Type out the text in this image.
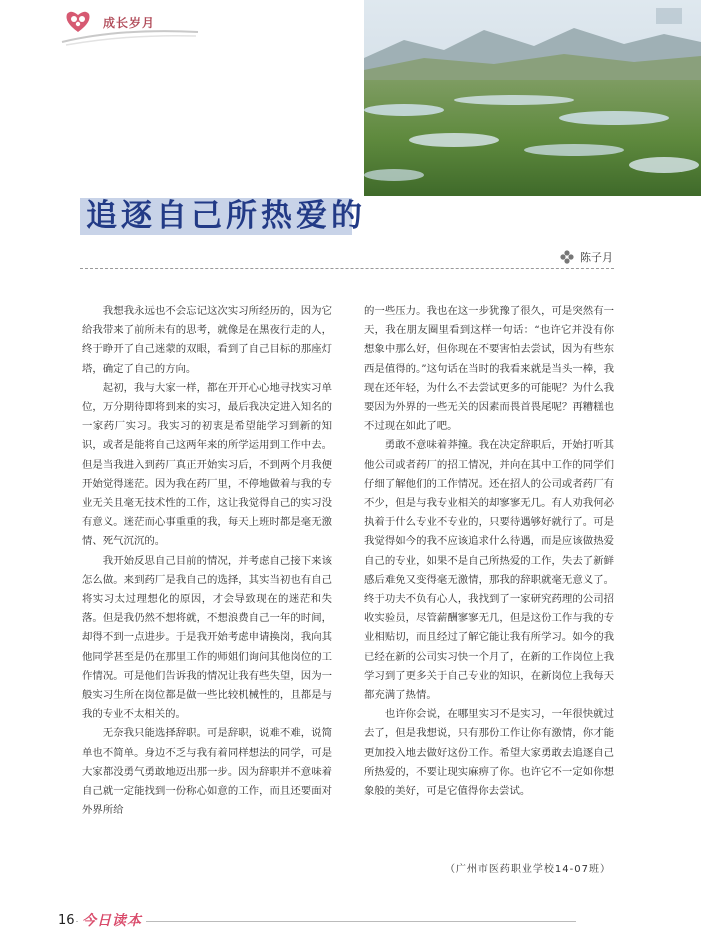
成长岁月
追逐自己所热爱的
陈子月

我想我永远也不会忘记这次实习所经历的，因为它给我带来了前所未有的思考，就像是在黑夜行走的人，终于睁开了自己迷蒙的双眼，看到了自己目标的那座灯塔，确定了自己的方向。

起初，我与大家一样，都在开开心心地寻找实习单位，万分期待即将到来的实习，最后我决定进入知名的一家药厂实习。我实习的初衷是希望能学习到新的知识，或者是能将自己这两年来的所学运用到工作中去。但是当我进入到药厂真正开始实习后，不到两个月我便开始觉得迷茫。因为我在药厂里，不停地做着与我的专业无关且毫无技术性的工作，这让我觉得自己的实习没有意义。迷茫而心事重重的我，每天上班时都是毫无激情、死气沉沉的。

我开始反思自己目前的情况，并考虑自己接下来该怎么做。来到药厂是我自己的选择，其实当初也有自己将实习太过理想化的原因，才会导致现在的迷茫和失落。但是我仍然不想将就，不想浪费自己一年的时间，却得不到一点进步。于是我开始考虑申请换岗，我向其他同学甚至是仍在那里工作的师姐们询问其他岗位的工作情况。可是他们告诉我的情况让我有些失望，因为一般实习生所在岗位都是做一些比较机械性的，且都是与我的专业不太相关的。

无奈我只能选择辞职。可是辞职，说难不难，说简单也不简单。身边不乏与我有着同样想法的同学，可是大家都没勇气勇敢地迈出那一步。因为辞职并不意味着自己就一定能找到一份称心如意的工作，而且还要面对外界所给

的一些压力。我也在这一步犹豫了很久，可是突然有一天，我在朋友圈里看到这样一句话：“也许它并没有你想象中那么好，但你现在不要害怕去尝试，因为有些东西是值得的。”这句话在当时的我看来就是当头一棒，我现在还年轻，为什么不去尝试更多的可能呢？为什么我要因为外界的一些无关的因素而畏首畏尾呢？再糟糕也不过现在如此了吧。

勇敢不意味着莽撞。我在决定辞职后，开始打听其他公司或者药厂的招工情况，并向在其中工作的同学们仔细了解他们的工作情况。还在招人的公司或者药厂有不少，但是与我专业相关的却寥寥无几。有人劝我何必执着于什么专业不专业的，只要待遇够好就行了。可是我觉得如今的我不应该追求什么待遇，而是应该做热爱自己的专业，如果不是自己所热爱的工作，失去了新鲜感后难免又变得毫无激情，那我的辞职就毫无意义了。终于功夫不负有心人，我找到了一家研究药理的公司招收实验员，尽管薪酬寥寥无几，但是这份工作与我的专业相贴切，而且经过了解它能让我有所学习。如今的我已经在新的公司实习快一个月了，在新的工作岗位上我学习到了更多关于自己专业的知识，在新岗位上我每天都充满了热情。

也许你会说，在哪里实习不是实习，一年很快就过去了，但是我想说，只有那份工作让你有激情，你才能更加投入地去做好这份工作。希望大家勇敢去追逐自己所热爱的，不要让现实麻痹了你。也许它不一定如你想象般的美好，可是它值得你去尝试。

（广州市医药职业学校14-07班）
16 今日读本
